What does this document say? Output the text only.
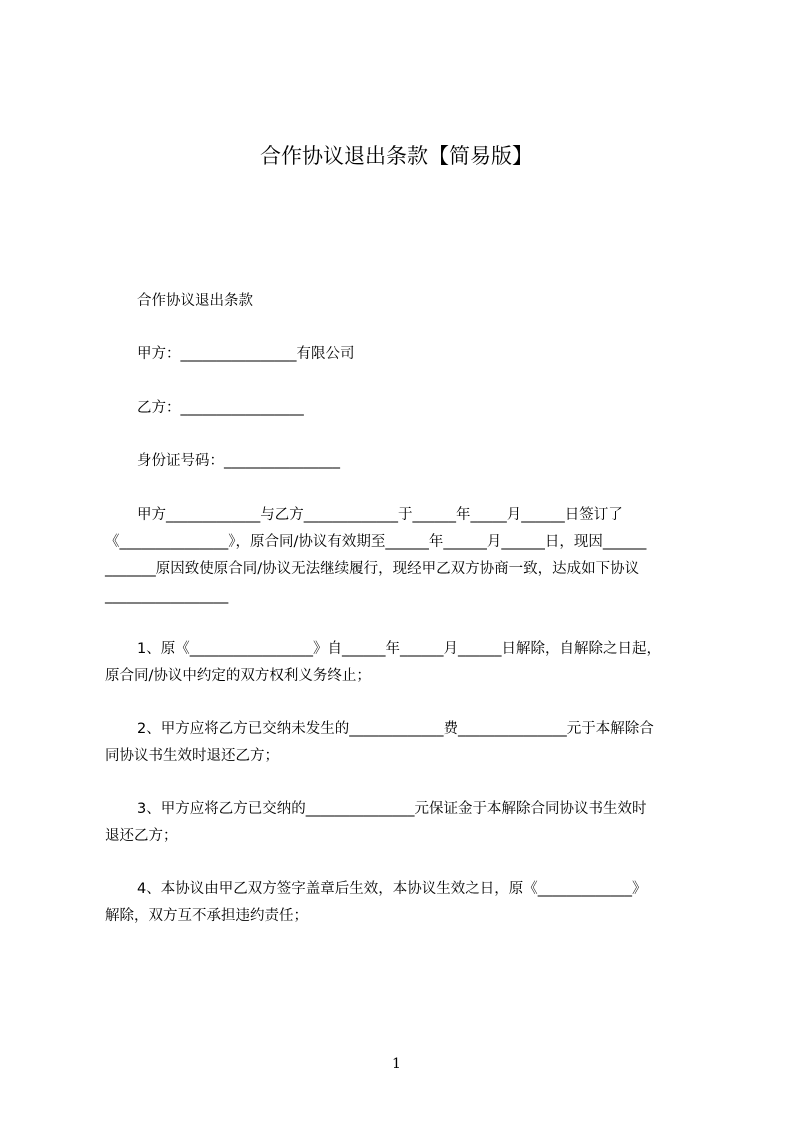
合作协议退出条款【简易版】

合作协议退出条款

甲方：________________有限公司

乙方：_________________

身份证号码：________________

甲方_____________与乙方_____________于______年_____月______日签订了

《_______________》，原合同/协议有效期至______年______月______日，现因______

_______原因致使原合同/协议无法继续履行，现经甲乙双方协商一致，达成如下协议

_________________

1、原《_________________》自______年______月______日解除，自解除之日起，

原合同/协议中约定的双方权利义务终止；

2、甲方应将乙方已交纳未发生的_____________费_______________元于本解除合

同协议书生效时退还乙方；

3、甲方应将乙方已交纳的_______________元保证金于本解除合同协议书生效时

退还乙方；

4、本协议由甲乙双方签字盖章后生效，本协议生效之日，原《_____________》

解除，双方互不承担违约责任；

1
